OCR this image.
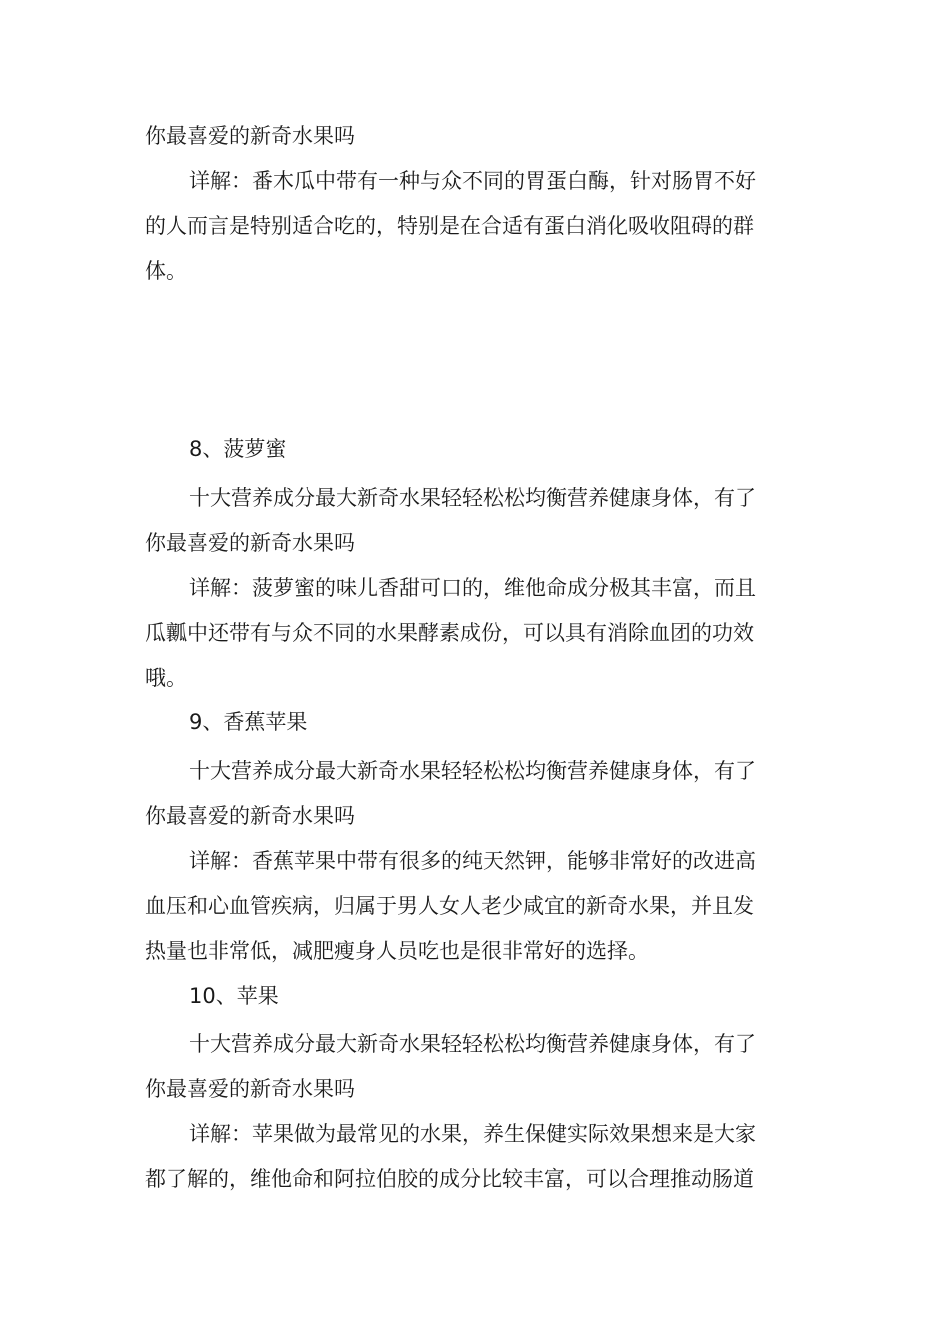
你最喜爱的新奇水果吗
详解：番木瓜中带有一种与众不同的胃蛋白酶，针对肠胃不好
的人而言是特别适合吃的，特别是在合适有蛋白消化吸收阻碍的群
体。
8、菠萝蜜
十大营养成分最大新奇水果轻轻松松均衡营养健康身体，有了
你最喜爱的新奇水果吗
详解：菠萝蜜的味儿香甜可口的，维他命成分极其丰富，而且
瓜瓤中还带有与众不同的水果酵素成份，可以具有消除血团的功效
哦。
9、香蕉苹果
十大营养成分最大新奇水果轻轻松松均衡营养健康身体，有了
你最喜爱的新奇水果吗
详解：香蕉苹果中带有很多的纯天然钾，能够非常好的改进高
血压和心血管疾病，归属于男人女人老少咸宜的新奇水果，并且发
热量也非常低，减肥瘦身人员吃也是很非常好的选择。
10、苹果
十大营养成分最大新奇水果轻轻松松均衡营养健康身体，有了
你最喜爱的新奇水果吗
详解：苹果做为最常见的水果，养生保健实际效果想来是大家
都了解的，维他命和阿拉伯胶的成分比较丰富，可以合理推动肠道
